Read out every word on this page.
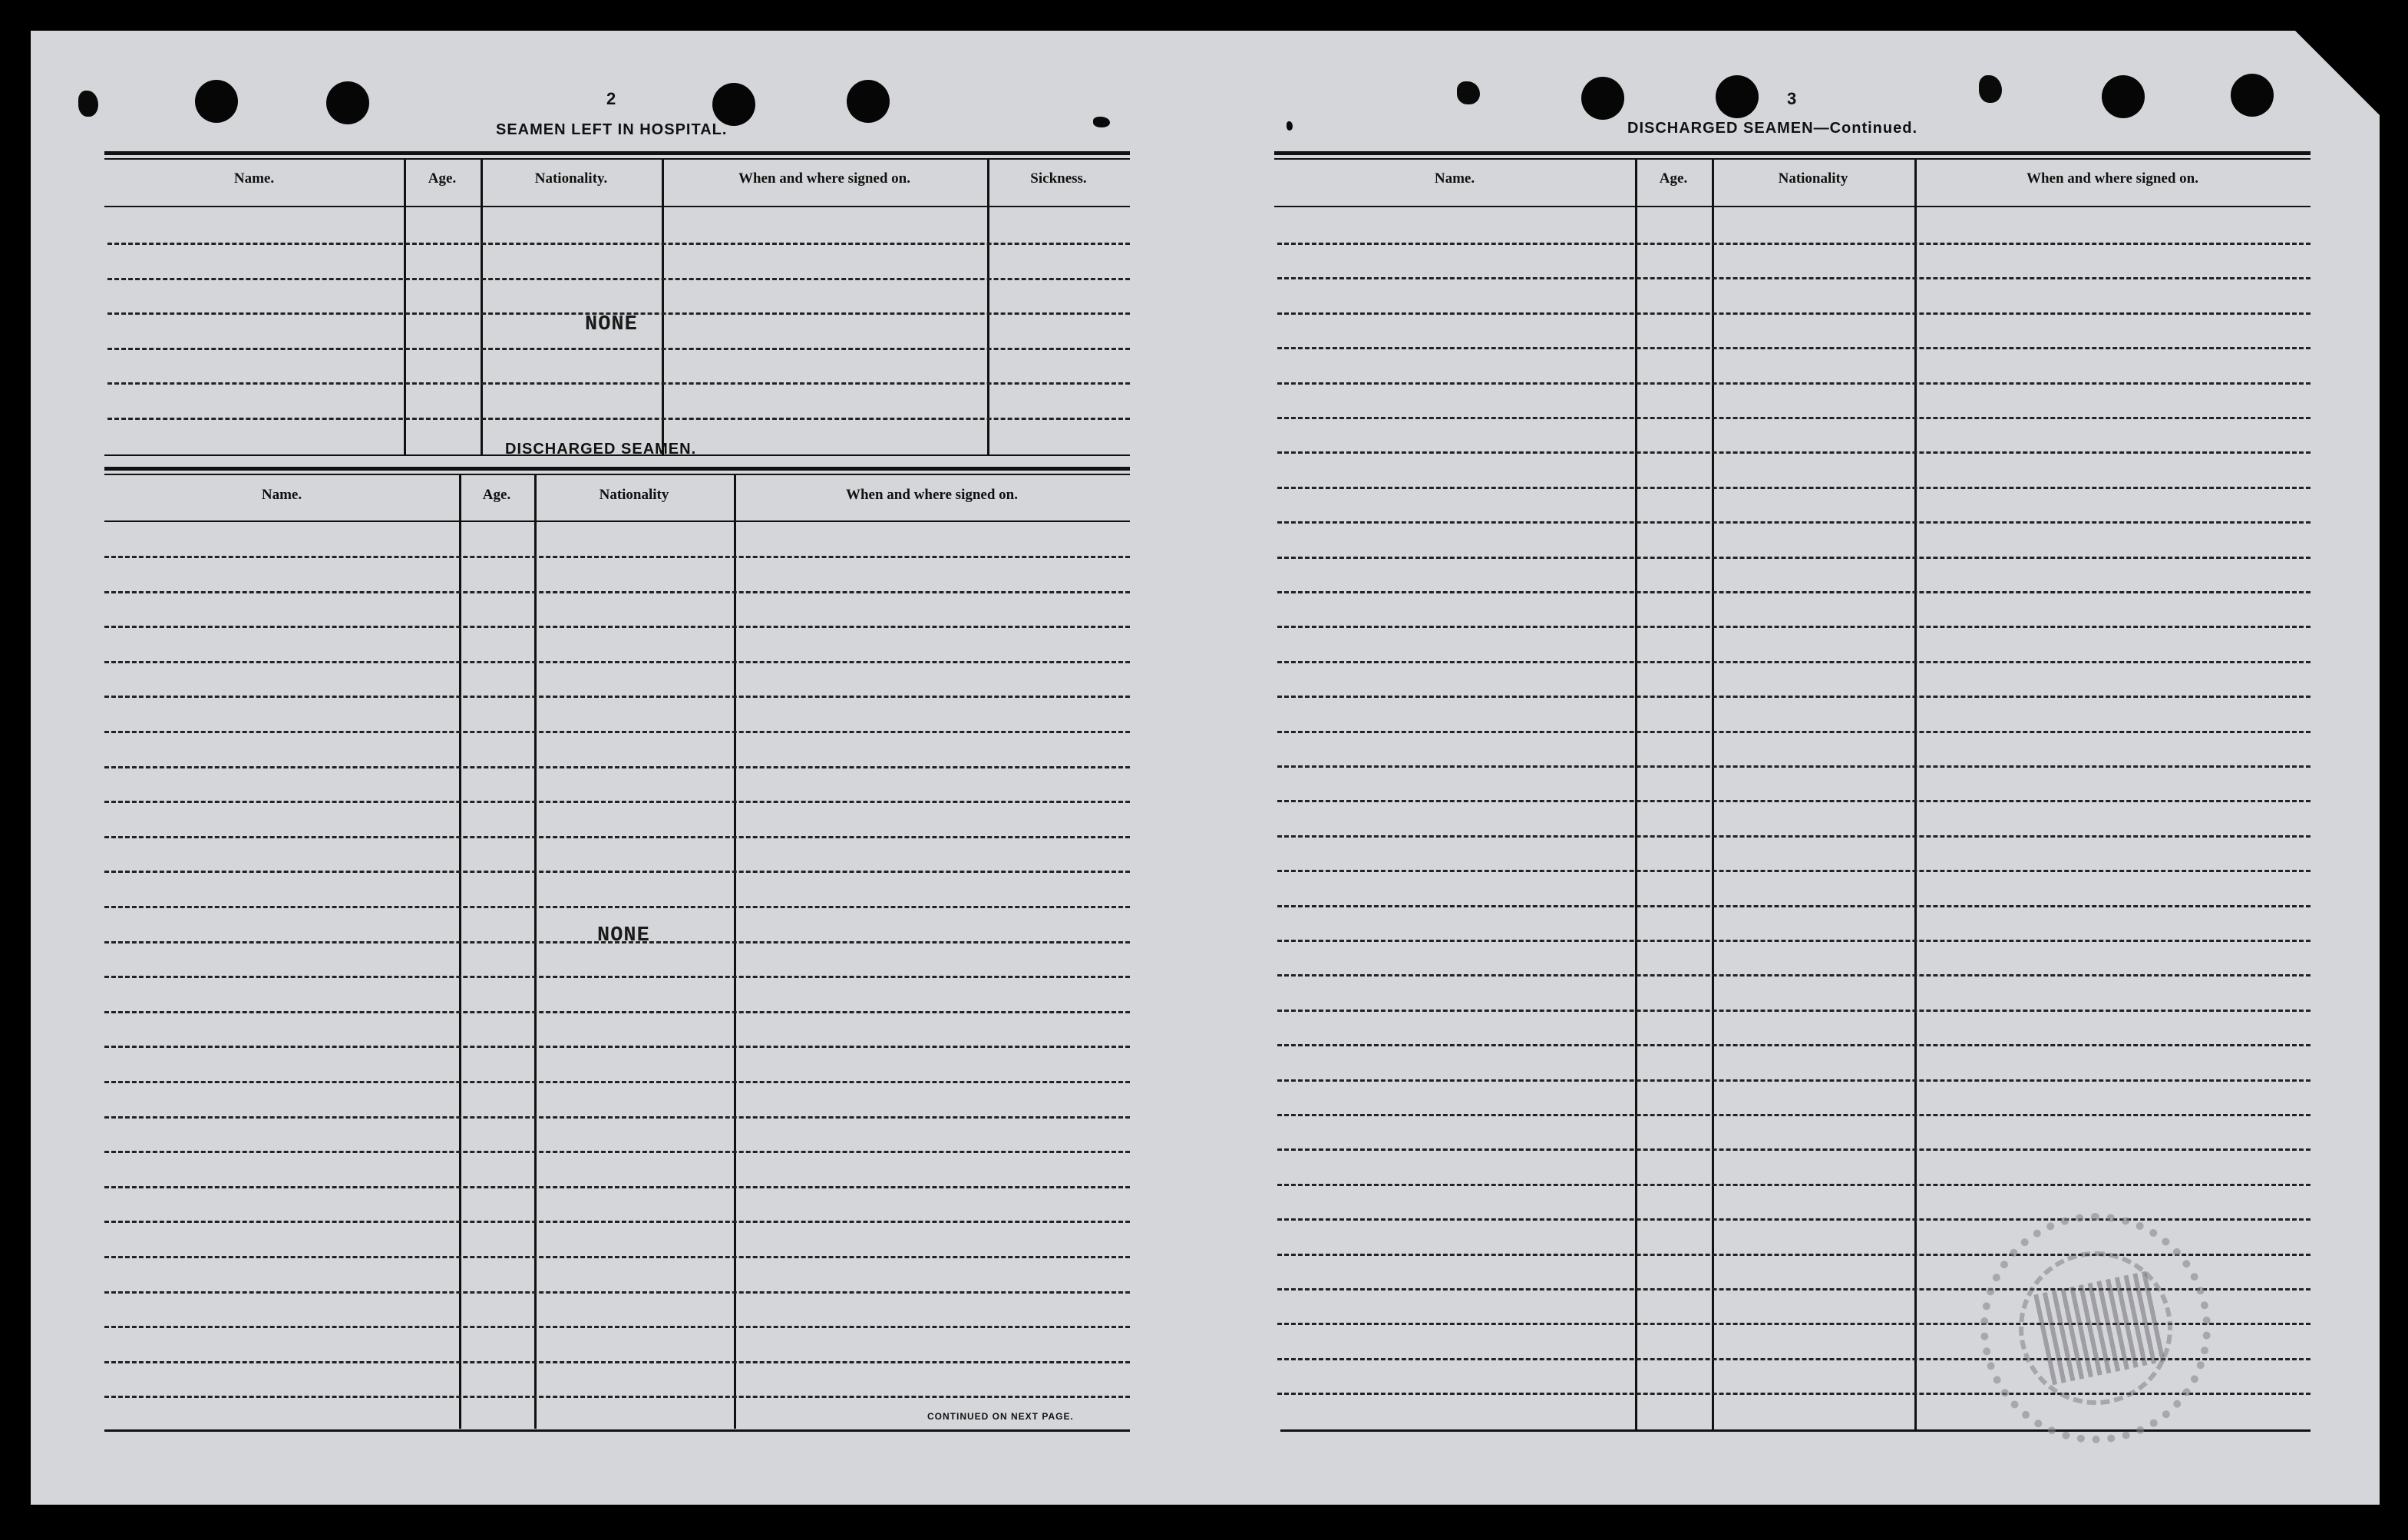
2
SEAMEN LEFT IN HOSPITAL.
Name.	Age.	Nationality.	When and where signed on.	Sickness.
NONE
DISCHARGED SEAMEN.
Name.	Age.	Nationality	When and where signed on.
NONE
CONTINUED ON NEXT PAGE.
3
DISCHARGED SEAMEN—Continued.
Name.	Age.	Nationality	When and where signed on.
